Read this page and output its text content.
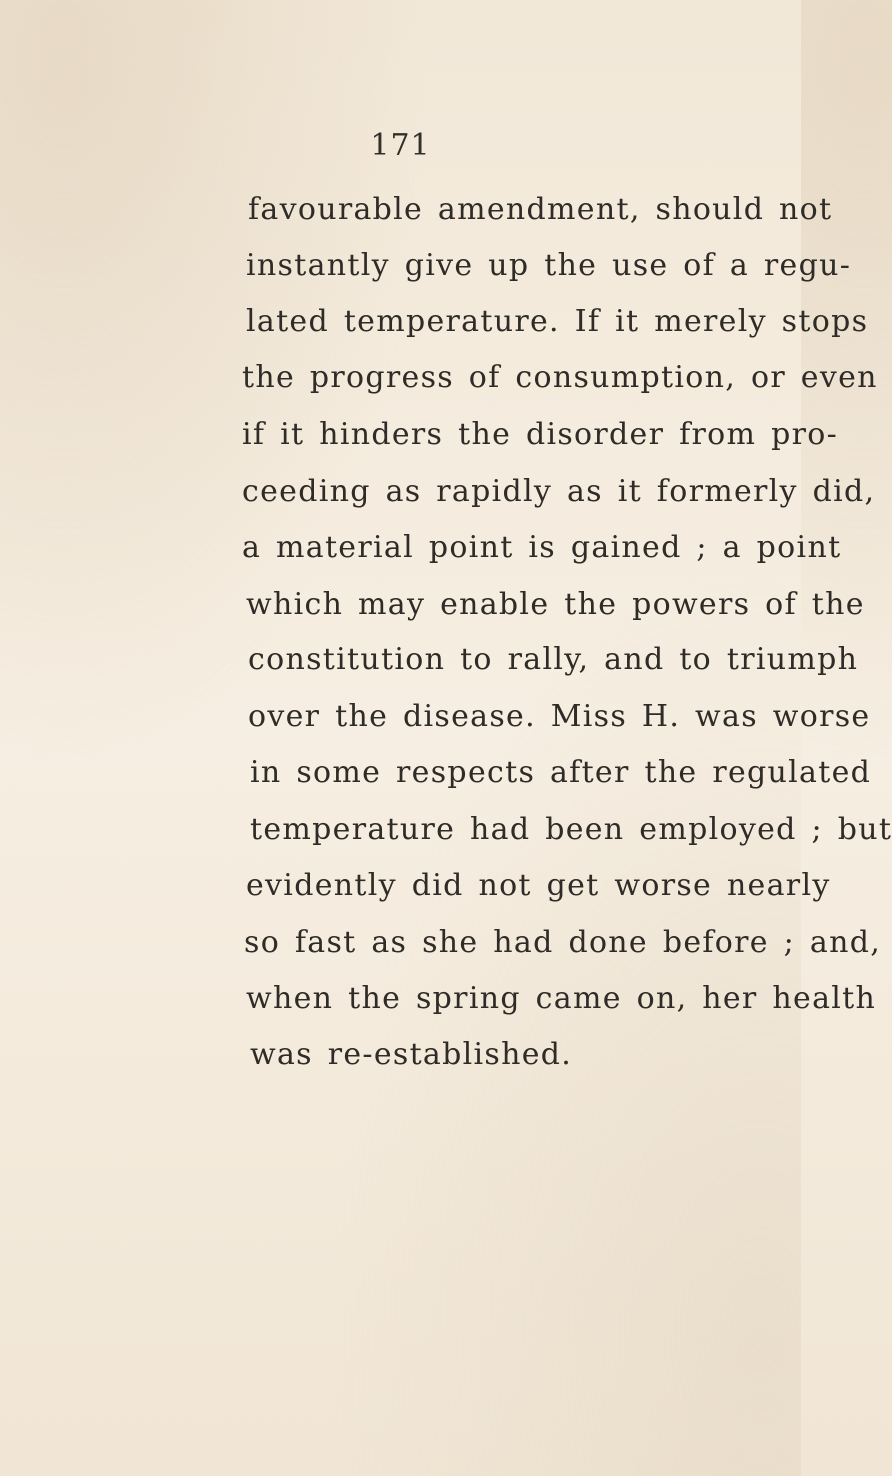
171
favourable amendment, should not
instantly give up the use of a regu-
lated temperature. If it merely stops
the progress of consumption, or even
if it hinders the disorder from pro-
ceeding as rapidly as it formerly did,
a material point is gained ; a point
which may enable the powers of the
constitution to rally, and to triumph
over the disease. Miss H. was worse
in some respects after the regulated
temperature had been employed ; but
evidently did not get worse nearly
so fast as she had done before ; and,
when the spring came on, her health
was re-established.
